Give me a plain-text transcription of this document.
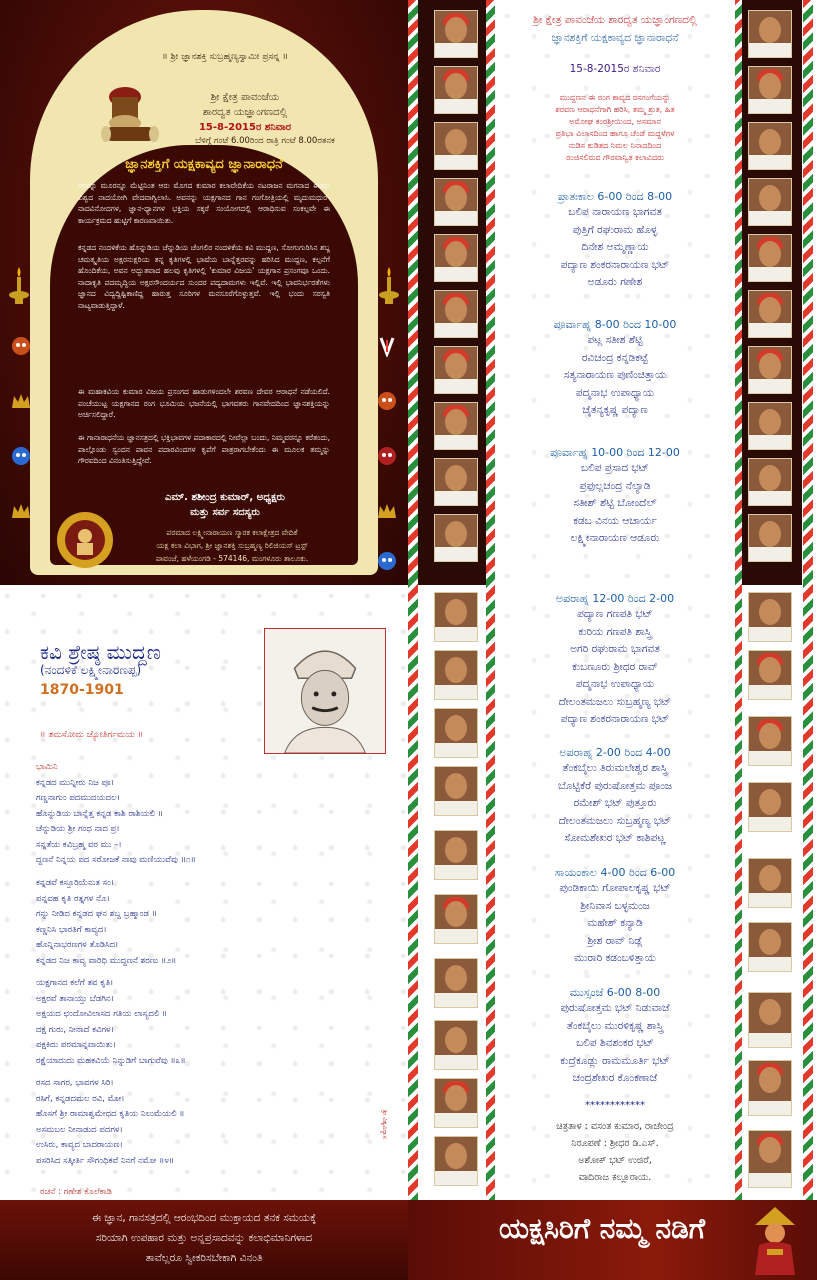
॥ ಶ್ರೀ ಜ್ಞಾನಶಕ್ತಿ ಸುಬ್ರಹ್ಮಣ್ಯಸ್ವಾಮೀ ಪ್ರಸನ್ನ ॥
ಶ್ರೀ ಕ್ಷೇತ್ರ ಪಾವಂಜೆಯ
ಶಾರದ್ವತ ಯಜ್ಞಾಂಗಣದಲ್ಲಿ
15-8-2015ರ ಶನಿವಾರ
ಬೆಳಿಗ್ಗೆ ಗಂಟೆ 6.00ರಿಂದ ರಾತ್ರಿ ಗಂಟೆ 8.00ರತನಕ
ಜ್ಞಾನಶಕ್ತಿಗೆ ಯಕ್ಷಕಾವ್ಯದ ಜ್ಞಾನಾರಾಧನೆ
ಆರನ್ನೂ ಮೂರನ್ನೂ ಮೆಟ್ಟಿನಿಂತ ಆರು ಮೊಗದ ಕುಮಾರ ಕಲಾವೇದಿಕೆಯ ನಟರಾಜನ ಮಗನಾದ ಈತನು ವಿಶ್ವದ ನಾದಯೋಗಿ ವೇದವಾಗ್ವಿಲಾಸಿ. ಅವನನ್ನು ಯಕ್ಷಗಾನದ ಗಾನ ಗಂಗೋತ್ರಿಯಲ್ಲಿ ಮೃದುಮಧುರ-ನಾದವಿನೋದಗಳ, ಜ್ಞಾನ-ಧ್ಯಾನಗಳ ಭಕ್ತಿಯ ಸಕ್ಕರೆ ಸಂಯೋಗದಲ್ಲಿ ಆರಾಧಿಸುವ ಸಂಕಲ್ಪವೇ ಈ ಕಾರ್ಯಕ್ರಮದ ಹುಟ್ಟಿಗೆ ಕಾರಣವಾಯಿತು.
ಕನ್ನಡದ ನಂದಳಿಕೆಯ ಹೊನ್ನುಡಿಯ ಚೆನ್ನುಡಿಯ ಚೆಂಗಲಿರ ನಂದಳಿಕೆಯ ಕವಿ ಮುದ್ದಣ, ಸೋಗುಗುರಿಸಿನ ಶಬ್ದ ಚಮತ್ಕೃತಿಯ ಅಕ್ಷರನುಕ್ಷರಿಯ ತನ್ನ ಕೃತಿಗಳಲ್ಲಿ ಭಾಷೆಯ ಬಾನ್ನೆತ್ತರವನ್ನು ಹರಿಸಿದ ಮುದ್ದಣ, ಕಲ್ಪನೆಗೆ ಹೊಂದಿಕೆಯ, ಅವನ ಅದ್ಭುತವಾದ ಹಲವು ಕೃತಿಗಳಲ್ಲಿ 'ಕುಮಾರ ವಿಜಯ' ಯಕ್ಷಗಾನ ಪ್ರಸಂಗವೂ ಒಂದು. ನಾದಾಕೃತಿ ಪದಮೃದ್ಧಿಯ ಅಕ್ಷರಸೌಂದರ್ಯದ ಸುಂದರ ಪದ್ಯದಾಮಗಳು ಇಲ್ಲಿವೆ. ಇಲ್ಲಿ ಭಾವನಿರ್ಭರತೆಗಳು ಜ್ಞಾನದ ವಿದ್ವದ್ದಿಷ್ಟಿಕಾಣಿದ್ದ ಹಾರುತ್ತ ಸೂರಿಗಳ ಮನಸೂರೆಗೊಳ್ಳುತ್ತವೆ. ಇಲ್ಲಿ ಭಂದು ಸರಸ್ವತಿ ನಾಟ್ಯವಾಡುತ್ತಿದ್ದಾಳೆ.
ಈ ಮಹಾಕವಿಯ ಕುಮಾರ ವಿಜಯ ಪ್ರಸಂಗದ ಹಾಡುಗಳಿಂದಲೇ ಶರವಣ ದೇವರ ಆರಾಧನೆ ನಡೆಯಲಿದೆ. ಪಂಚೆಯುಟ್ಟ ಯಕ್ಷಗಾನದ ರಂಗ ಭೂಮಿಯ ಭಜನೆಯಲ್ಲಿ ಭಾಗವತರು ಗಾನವೇದದಿಂದ ಜ್ಞಾನಶಕ್ತಿಯನ್ನು ಅರ್ಚಿಸಲಿದ್ದಾರೆ.
ಈ ಗಾನಾರಾಧನೆಯ ಜ್ಞಾನಸತ್ರದಲ್ಲಿ ಭಕ್ತಿಭಾವಗಳ ಪದಾಕಾರದಲ್ಲಿ ನೀವೆಲ್ಲಾ ಬಂದು, ನಿಮ್ಮವರನ್ನೂ ಕರೆತಂದು, ಪಾಲ್ಗೊಂಡು ಸ್ವಂದನ ಪಾವನ ಪದಾರವಿಂದಗಳ ಕೃಪೆಗೆ ಪಾತ್ರರಾಗಬೇಕೆಂದು ಈ ಮೂಲಕ ತಮ್ಮನ್ನು ಗೌರವದಿಂದ ವಿನಂತಿಸುತ್ತಿದ್ದೇವೆ.
ಎಮ್. ಶಶೀಂದ್ರ ಕುಮಾರ್, ಅಧ್ಯಕ್ಷರು
ಮತ್ತು ಸರ್ವ ಸದಸ್ಯರು
ಪರಮಾದ ಲಕ್ಷ್ಮೀನಾರಾಯಣ ಸ್ಮಾರಕ ಕಲಾಕ್ಷೇತ್ರದ ವೇದಿಕೆ
ಯಕ್ಷ ಕಲಾ ವಿಭಾಗ, ಶ್ರೀ ಜ್ಞಾನಶಕ್ತಿ ಸುಬ್ರಹ್ಮಣ್ಯ ರಿಲಿಜಿಯಸ್ ಟ್ರಸ್ಟ್
ಪಾವಂಜೆ, ಹಳೆಯಂಗಡಿ - 574146, ಮಂಗಳೂರು ತಾಲೂಕು.
ಕವಿ ಶ್ರೇಷ್ಠ ಮುದ್ದಣ
(ನಂದಳಿಕೆ ಲಕ್ಷ್ಮೀನಾರಣಪ್ಪ)
1870-1901
॥ ತಮಸೋಮ ಜ್ಯೋತಿರ್ಗಮಯ ॥
ಭಾಮಿನಿ
ಕನ್ನಡದ ಮುನ್ನೀರು ನಿಜ ಪೂ।
ಗಣ್ಣನಾಗುಂ ಪದಮುದಯದಲ।
ಹೊನ್ನುಡಿಯ ಬಾನ್ನೆತ್ತ ಕನ್ನಡ ಕಾಶಿ ರಾಶಿಯಲಿ ॥
ಚೆನ್ನುಡಿಯ ಶ್ರೀ ಗಂಧ ನಾದ ಪ್ರ।
ಸನ್ನತೆಯ ಕವಿಬ್ರಹ್ಮ ವರ ಮು –।
ದ್ದಣನೆ ನಿನ್ನಯ ಪದ ಸರೋಜಕೆ ನಾವು ಮಣಿಯುವೆವು ॥೧॥
ಕನ್ನಡವೆ ಕಸ್ತೂರಿಯೆನುತ ಸಂ।
ಪನ್ನವಹ ಕೃತಿ ರತ್ನಗಳ ನೊ।
ಗನ್ನು ನೀಡಿದ ಕನ್ನಡದ ಘನ ಶಬ್ದ ಬ್ರಹ್ಮಾಂಡ ॥
ಕಣ್ಣನಿಸಿ ಭಾರತಿಗೆ ಕಾವ್ಯದ।
ಹೊನ್ನಿನಾಭರಣಗಳ ತೊಡಿಸಿದ।
ಕನ್ನಡದ ನಿಜ ಕಾವ್ಯ ವಾರಿಧಿ ಮುದ್ದಣನೆ ಶರಣು ॥೨॥
ಯಕ್ಷಗಾನದ ಕಲೆಗೆ ತವ ಕೃತಿ।
ಅಕ್ಷರವೆ ತಾನಾಯ್ತು ಬೆಡಗಿನ।
ಅಕ್ಷಯದ ಛಂದೋವಿಲಾಸದ ಗತಿಯ ಲಾಸ್ಯದಲಿ ॥
ದಕ್ಷ ಗುರು, ನೀನಾದೆ ಕವಿಗಳ।
ಪಕ್ಷಕಿದು ಪರಮಾನ್ನವಾಯಿತು।
ರಕ್ಷೆಯಾದುದು ಮಹಕವಿಯೆ ನಿನ್ನುಡಿಗೆ ಬಾಗುವೆವು ॥೩॥
ರಸದ ಸಾಗರ, ಭಾವಗಳ ಸಿರಿ।
ರಸಿಗೆ, ಕನ್ನಡದಮಲ ರವಿ, ಮೋ।
ಹೊಸಗೆ ಶ್ರೀ ರಾಮಾಶ್ವಮೇಧದ ಕೃತಿಯ ನಿಲುಮೆಯಲಿ ॥
ಅಸಮಬಲ ನೀನಾಡುದ ಪದಗಳ।
ಉಸಿರು, ಕಾವ್ಯದ ಬಾದರಾಯಣ।
ಪಸರಿಸಿದ ಸತ್ಕೀರ್ತಿ ಸೌಗಂಧಿಕವೆ ನಿನಗೆ ನಮೋ ॥೪॥
ರಚನೆ : ಗಣೇಶ ಕೊಲೆಕಾಡಿ
ಶ್ರೀ ವಿಶ್ವವಿನ್ಯಾಸ
ಈ ಜ್ಞಾನ, ಗಾನಸತ್ರದಲ್ಲಿ ಆರಂಭದಿಂದ ಮುಕ್ತಾಯದ ತನಕ ಸಮಯಕ್ಕೆ
ಸರಿಯಾಗಿ ಉಪಹಾರ ಮತ್ತು ಅನ್ನಪ್ರಸಾದವನ್ನು ಕಲಾಭಿಮಾನಿಗಳಾದ
ತಾವೆಲ್ಲರೂ ಸ್ವೀಕರಿಸಬೇಕಾಗಿ ವಿನಂತಿ
ಶ್ರೀ ಕ್ಷೇತ್ರ ಪಾವಂಜೆಯ ಶಾರದ್ವತ ಯಜ್ಞಾಂಗಣದಲ್ಲಿ
ಜ್ಞಾನಶಕ್ತಿಗೆ ಯಕ್ಷಕಾವ್ಯದ ಜ್ಞಾನಾರಾಧನೆ
15-8-2015ರ ಶನಿವಾರ
ಮುದ್ದಣನ ಈ ರಂಗ ಕಾವ್ಯದ ರಸಗಂಗೆಯನ್ನು
ಶರವಣ ಆರಾಧನೆಗಾಗಿ ಹರಿಸಿ, ತಮ್ಮ ಶ್ರುತ, ಹಿತ
ಅಮೋಘ ಕಂಠಶ್ರೀಯಿಂದ, ಅಸಮಾನ
ಪ್ರತಿಭಾ ವಿಲಾಸದಿಂದ ಹಾಗೂ ಚೆಂಡೆ ಮದ್ದಳೆಗಳ
ನುಡಿಸ ಕುಡಿತದ ನಿಮಲ ನಿನಾದದಿಂದ
ರಂಜಿಸಲಿರುವ ಗೌರವಾನ್ವಿತ ಕಲಾವಿದರು
ಪ್ರಾತಃಕಾಲ 6-00 ರಿಂದ 8-00
ಬಲಿಪ ನಾರಾಯಣ ಭಾಗವತ
ಪುತ್ತಿಗೆ ರಘುರಾಮ ಹೊಳ್ಳ
ದಿನೇಶ ಅಮ್ಮಣ್ಣಾಯ
ಪದ್ಯಾಣ ಶಂಕರನಾರಾಯಣ ಭಟ್
ಅಡೂರು ಗಣೇಶ
ಪೂರ್ವಾಹ್ನ 8-00 ರಿಂದ 10-00
ಪಟ್ಲ ಸತೀಶ ಶೆಟ್ಟಿ
ರವಿಚಂದ್ರ ಕನ್ನಡಿಕಟ್ಟೆ
ಸತ್ಯನಾರಾಯಣ ಪುಣಿಂಚಿತ್ತಾಯ
ಪದ್ಮನಾಭ ಉಪಾಧ್ಯಾಯ
ಚೈತನ್ಯಕೃಷ್ಣ ಪದ್ಯಾಣ
ಪೂರ್ವಾಹ್ನ 10-00 ರಿಂದ 12-00
ಬಲಿಪ ಪ್ರಸಾದ ಭಟ್
ಪ್ರಫುಲ್ಲಚಂದ್ರ ನೆಲ್ಯಾಡಿ
ಸತೀಶ್ ಶೆಟ್ಟಿ ಬೋಂದೆಲ್
ಕಡಬ ವಿನಯ ಆಚಾರ್ಯ
ಲಕ್ಷ್ಮೀನಾರಾಯಣ ಆಡೂರು
ಅಪರಾಹ್ನ 12-00 ರಿಂದ 2-00
ಪದ್ಯಾಣ ಗಣಪತಿ ಭಟ್
ಕುರಿಯ ಗಣಪತಿ ಶಾಸ್ತ್ರಿ
ಅಗರಿ ರಘುರಾಮ ಭಾಗವತ
ಕುಬಣೂರು ಶ್ರೀಧರ ರಾವ್
ಪದ್ಮನಾಭ ಉಪಾಧ್ಯಾಯ
ದೇಲಂತಮಜಲು ಸುಬ್ರಹ್ಮಣ್ಯ ಭಟ್
ಪದ್ಯಾಣ ಶಂಕರನಾರಾಯಣ ಭಟ್
ಅಪರಾಹ್ನ 2-00 ರಿಂದ 4-00
ತೆಂಕಬೈಲು ತಿರುಮಲೇಶ್ವರ ಶಾಸ್ತ್ರಿ
ಬೊಟ್ಟಿಕೆರೆ ಪುರುಷೋತ್ತಮ ಪೂಂಜ
ರಮೇಶ್ ಭಟ್ ಪುತ್ತೂರು
ದೇಲಂತಮಜಲು ಸುಬ್ರಹ್ಮಣ್ಯ ಭಟ್
ಸೋಮಶೇಖರ ಭಟ್ ಕಾಶಿಪಟ್ಣ
ಸಾಯಂಕಾಲ 4-00 ರಿಂದ 6-00
ಪುಂಡಿಕಾಯಿ ಗೋಪಾಲಕೃಷ್ಣ ಭಟ್
ಶ್ರೀನಿವಾಸ ಬಳ್ಳಮಂಜ
ಮಹೇಶ್ ಕನ್ಯಾಡಿ
ಶ್ರೀಶ ರಾವ್ ನಿಡ್ಲೆ
ಮುರಾರಿ ಕಡಂಬಳಿತ್ತಾಯ
ಮುಸ್ಸಂಜೆ 6-00 8-00
ಪುರುಷೋತ್ತಮ ಭಟ್ ನಿಡುವಾಜೆ
ತೆಂಕಬೈಲು ಮುರಳಿಕೃಷ್ಣ ಶಾಸ್ತ್ರಿ
ಬಲಿಪ ಶಿವಶಂಕರ ಭಟ್
ಕುದ್ರೆಕೂಡ್ಲು ರಾಮಮೂರ್ತಿ ಭಟ್
ಚಂದ್ರಶೇಖರ ಕೊಂಕಣಾಜೆ
************
ಚಿತ್ರತಾಳ : ವಸಂತ ಕುಮಾರ, ರಾಜೇಂದ್ರ
ನಿರೂಪಣೆ : ಶ್ರೀಧರ ಡಿ.ಎಸ್.
ಅಶೋಕ್ ಭಟ್ ಉಜಿರೆ,
ವಾದಿರಾಜ ಕಲ್ಲೂರಾಯ.
ಯಕ್ಷಸಿರಿಗೆ ನಮ್ಮ ನಡಿಗೆ
